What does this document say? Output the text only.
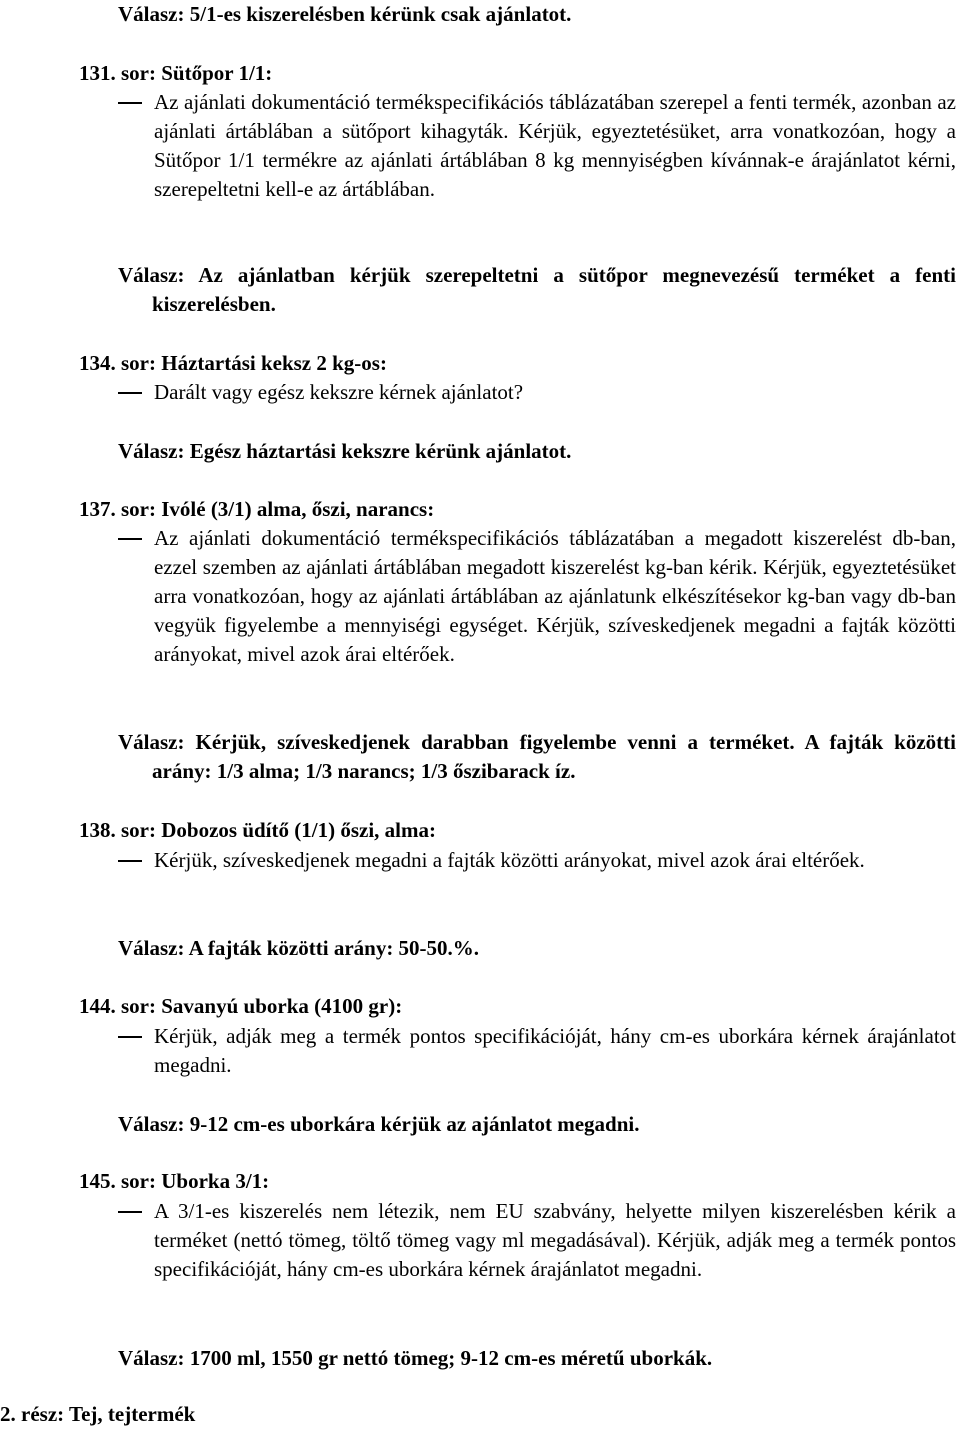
Válasz: 5/1-es kiszerelésben kérünk csak ajánlatot.

131. sor: Sütőpor 1/1:

Az ajánlati dokumentáció termékspecifikációs táblázatában szerepel a fenti termék, azonban az ajánlati ártáblában a sütőport kihagyták. Kérjük, egyeztetésüket, arra vonatkozóan, hogy a Sütőpor 1/1 termékre az ajánlati ártáblában 8 kg mennyiségben kívánnak-e árajánlatot kérni, szerepeltetni kell-e az ártáblában.

Válasz: Az ajánlatban kérjük szerepeltetni a sütőpor megnevezésű terméket a fenti kiszerelésben.

134. sor: Háztartási keksz 2 kg-os:

Darált vagy egész kekszre kérnek ajánlatot?

Válasz: Egész háztartási kekszre kérünk ajánlatot.

137. sor: Ivólé (3/1) alma, őszi, narancs:

Az ajánlati dokumentáció termékspecifikációs táblázatában a megadott kiszerelést db-ban, ezzel szemben az ajánlati ártáblában megadott kiszerelést kg-ban kérik. Kérjük, egyeztetésüket arra vonatkozóan, hogy az ajánlati ártáblában az ajánlatunk elkészítésekor kg-ban vagy db-ban vegyük figyelembe a mennyiségi egységet. Kérjük, szíveskedjenek megadni a fajták közötti arányokat, mivel azok árai eltérőek.

Válasz: Kérjük, szíveskedjenek darabban figyelembe venni a terméket. A fajták közötti arány: 1/3 alma; 1/3 narancs; 1/3 őszibarack íz.

138. sor: Dobozos üdítő (1/1) őszi, alma:

Kérjük, szíveskedjenek megadni a fajták közötti arányokat, mivel azok árai eltérőek.

Válasz: A fajták közötti arány: 50-50.%.

144. sor: Savanyú uborka (4100 gr):

Kérjük, adják meg a termék pontos specifikációját, hány cm-es uborkára kérnek árajánlatot megadni.

Válasz: 9-12 cm-es uborkára kérjük az ajánlatot megadni.

145. sor: Uborka 3/1:

A 3/1-es kiszerelés nem létezik, nem EU szabvány, helyette milyen kiszerelésben kérik a terméket (nettó tömeg, töltő tömeg vagy ml megadásával). Kérjük, adják meg a termék pontos specifikációját, hány cm-es uborkára kérnek árajánlatot megadni.

Válasz: 1700 ml, 1550 gr nettó tömeg; 9-12 cm-es méretű uborkák.

2. rész: Tej, tejtermék
